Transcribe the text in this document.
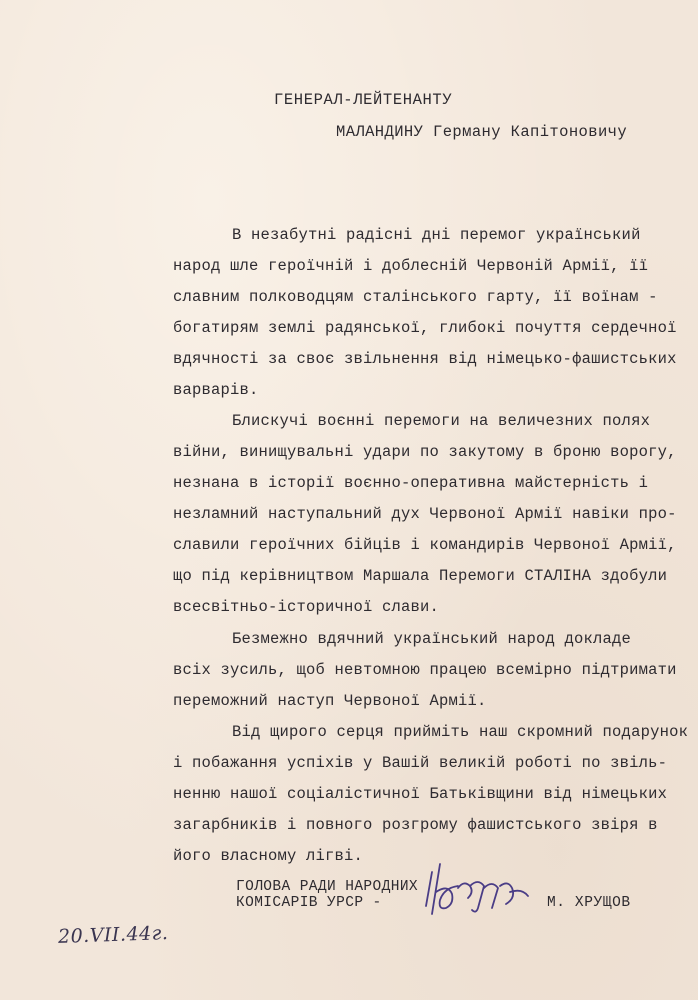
ГЕНЕРАЛ-ЛЕЙТЕНАНТУ
МАЛАНДИНУ Герману Капітоновичу
В незабутні радісні дні перемог український
народ шле героїчній і доблесній Червоній Армії, її
славним полководцям сталінського гарту, її воїнам -
богатирям землі радянської, глибокі почуття сердечної
вдячності за своє звільнення від німецько-фашистських
варварів.
Блискучі воєнні перемоги на величезних полях
війни, винищувальні удари по закутому в броню ворогу,
незнана в історії воєнно-оперативна майстерність і
незламний наступальний дух Червоної Армії навіки про-
славили героїчних бійців і командирів Червоної Армії,
що під керівництвом Маршала Перемоги СТАЛІНА здобули
всесвітньо-історичної слави.
Безмежно вдячний український народ докладе
всіх зусиль, щоб невтомною працею всемірно підтримати
переможний наступ Червоної Армії.
Від щирого серця прийміть наш скромний подарунок
і побажання успіхів у Вашій великій роботі по звіль-
ненню нашої соціалістичної Батьківщини від німецьких
загарбників і повного розгрому фашистського звіря в
його власному лігві.
ГОЛОВА РАДИ НАРОДНИХ
КОМІСАРІВ УРСР -	М. ХРУЩОВ
20.VII.44г.
